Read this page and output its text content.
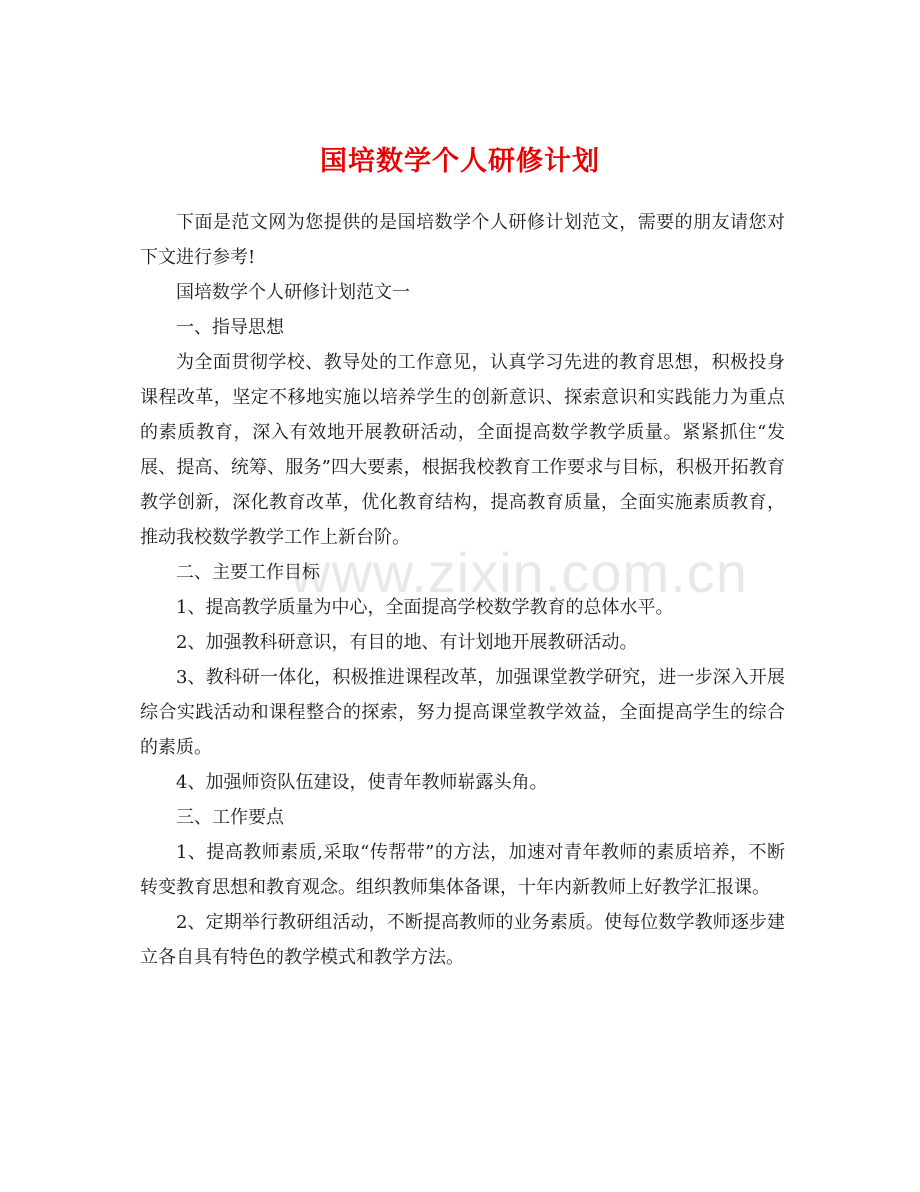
国培数学个人研修计划

下面是范文网为您提供的是国培数学个人研修计划范文，需要的朋友请您对下文进行参考!

国培数学个人研修计划范文一

一、指导思想

为全面贯彻学校、教导处的工作意见，认真学习先进的教育思想，积极投身课程改革，坚定不移地实施以培养学生的创新意识、探索意识和实践能力为重点的素质教育，深入有效地开展教研活动，全面提高数学教学质量。紧紧抓住“发展、提高、统筹、服务”四大要素，根据我校教育工作要求与目标，积极开拓教育教学创新，深化教育改革，优化教育结构，提高教育质量，全面实施素质教育，推动我校数学教学工作上新台阶。

二、主要工作目标

1、提高教学质量为中心，全面提高学校数学教育的总体水平。

2、加强教科研意识，有目的地、有计划地开展教研活动。

3、教科研一体化，积极推进课程改革，加强课堂教学研究，进一步深入开展综合实践活动和课程整合的探索，努力提高课堂教学效益，全面提高学生的综合的素质。

4、加强师资队伍建设，使青年教师崭露头角。

三、工作要点

1、提高教师素质,采取“传帮带”的方法，加速对青年教师的素质培养，不断转变教育思想和教育观念。组织教师集体备课，十年内新教师上好教学汇报课。

2、定期举行教研组活动，不断提高教师的业务素质。使每位数学教师逐步建立各自具有特色的教学模式和教学方法。

www.zixin.com.cn
